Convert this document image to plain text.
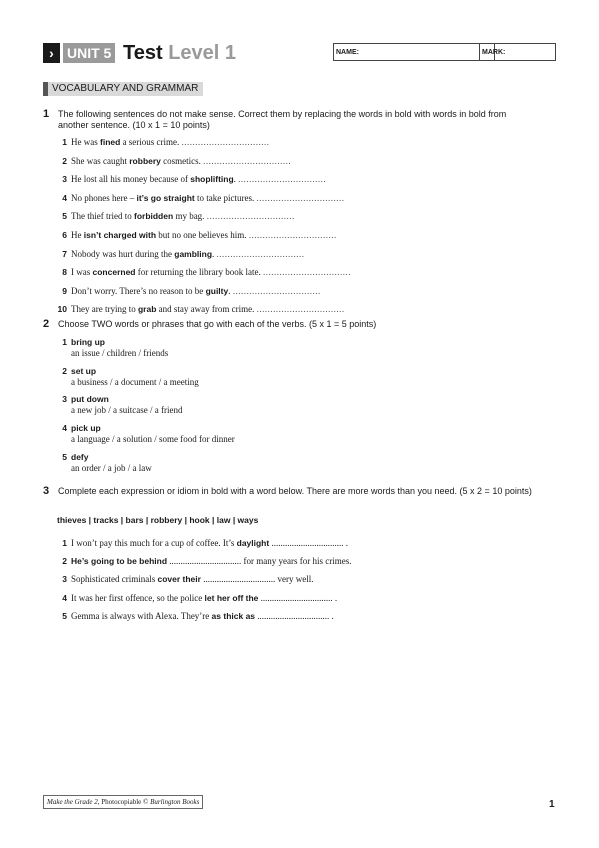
› UNIT 5 Test Level 1	NAME:	MARK:
VOCABULARY AND GRAMMAR
1 The following sentences do not make sense. Correct them by replacing the words in bold with words in bold from another sentence. (10 x 1 = 10 points)
1 He was fined a serious crime. ................................
2 She was caught robbery cosmetics. ................................
3 He lost all his money because of shoplifting. ................................
4 No phones here – it’s go straight to take pictures. ................................
5 The thief tried to forbidden my bag. ................................
6 He isn’t charged with but no one believes him. ................................
7 Nobody was hurt during the gambling. ................................
8 I was concerned for returning the library book late. ................................
9 Don’t worry. There’s no reason to be guilty. ................................
10 They are trying to grab and stay away from crime. ................................
2 Choose TWO words or phrases that go with each of the verbs. (5 x 1 = 5 points)
1 bring up
an issue / children / friends
2 set up
a business / a document / a meeting
3 put down
a new job / a suitcase / a friend
4 pick up
a language / a solution / some food for dinner
5 defy
an order / a job / a law
3 Complete each expression or idiom in bold with a word below. There are more words than you need. (5 x 2 = 10 points)
thieves | tracks | bars | robbery | hook | law | ways
1 I won’t pay this much for a cup of coffee. It’s daylight ................................ .
2 He’s going to be behind ................................ for many years for his crimes.
3 Sophisticated criminals cover their ................................ very well.
4 It was her first offence, so the police let her off the ................................ .
5 Gemma is always with Alexa. They’re as thick as ................................ .
Make the Grade 2, Photocopiable © Burlington Books	1
